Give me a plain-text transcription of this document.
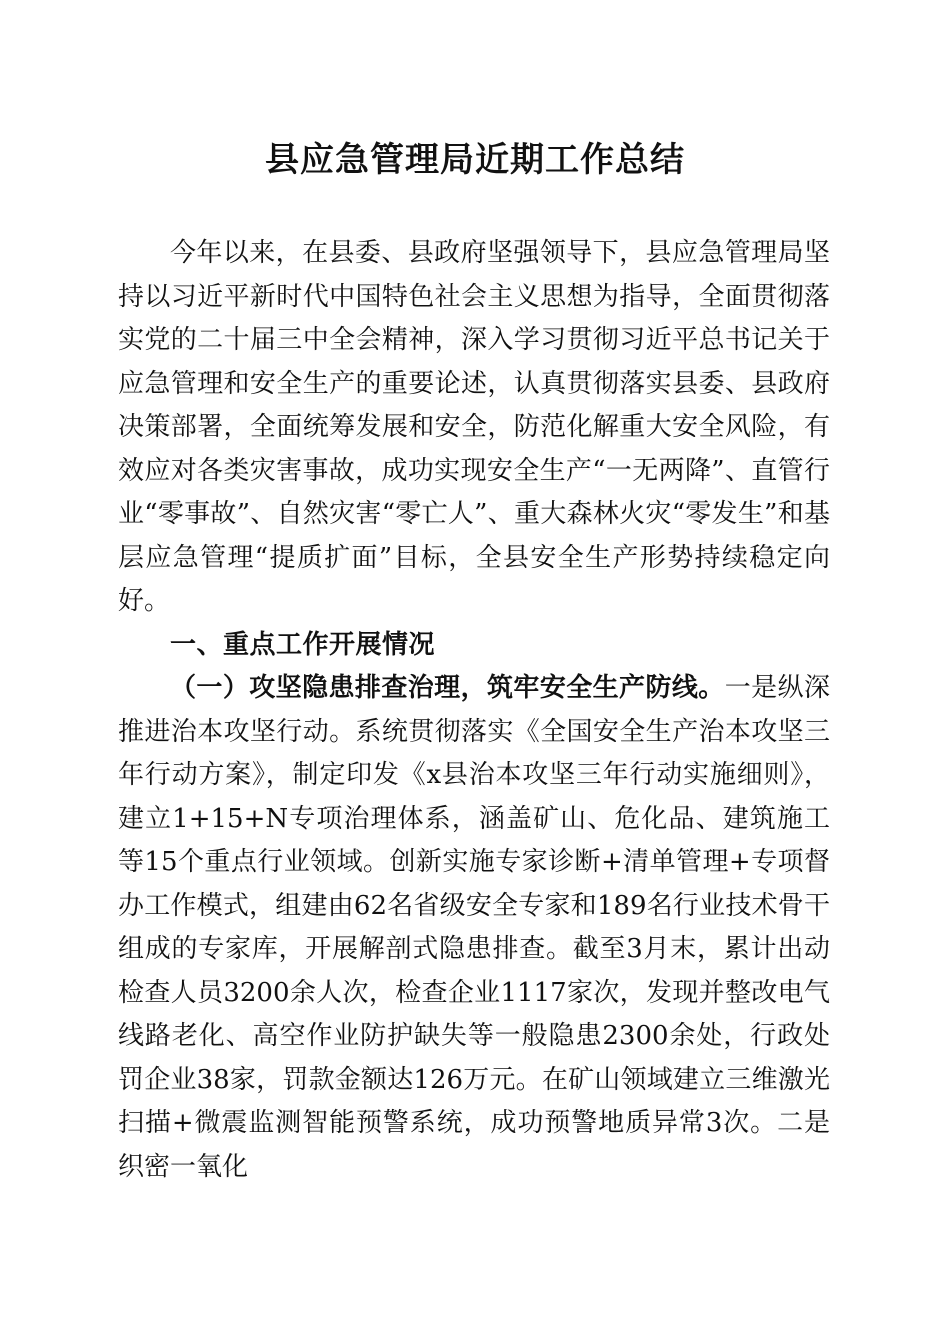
县应急管理局近期工作总结

今年以来，在县委、县政府坚强领导下，县应急管理局坚持以习近平新时代中国特色社会主义思想为指导，全面贯彻落实党的二十届三中全会精神，深入学习贯彻习近平总书记关于应急管理和安全生产的重要论述，认真贯彻落实县委、县政府决策部署，全面统筹发展和安全，防范化解重大安全风险，有效应对各类灾害事故，成功实现安全生产“一无两降”、直管行业“零事故”、自然灾害“零亡人”、重大森林火灾“零发生”和基层应急管理“提质扩面”目标，全县安全生产形势持续稳定向好。

一、重点工作开展情况

（一）攻坚隐患排查治理，筑牢安全生产防线。一是纵深推进治本攻坚行动。系统贯彻落实《全国安全生产治本攻坚三年行动方案》，制定印发《x县治本攻坚三年行动实施细则》，建立1+15+N专项治理体系，涵盖矿山、危化品、建筑施工等15个重点行业领域。创新实施专家诊断+清单管理+专项督办工作模式，组建由62名省级安全专家和189名行业技术骨干组成的专家库，开展解剖式隐患排查。截至3月末，累计出动检查人员3200余人次，检查企业1117家次，发现并整改电气线路老化、高空作业防护缺失等一般隐患2300余处，行政处罚企业38家，罚款金额达126万元。在矿山领域建立三维激光扫描+微震监测智能预警系统，成功预警地质异常3次。二是织密一氧化
